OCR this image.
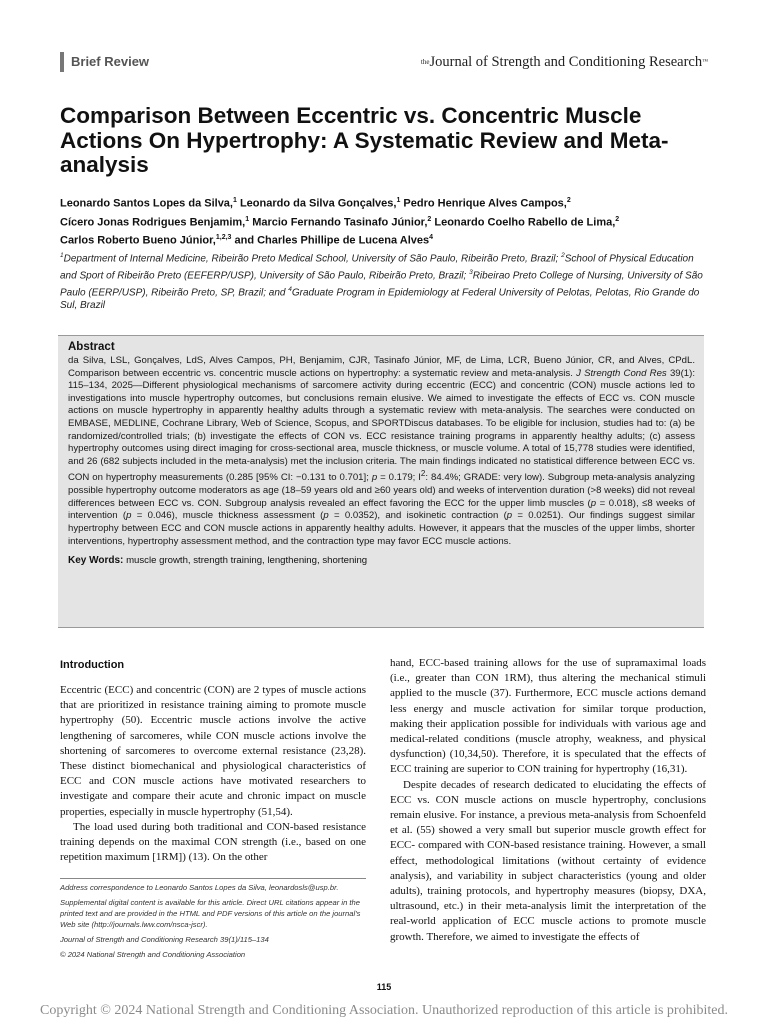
Brief Review	$^{the}$Journal of Strength and Conditioning Research™
Comparison Between Eccentric vs. Concentric Muscle Actions On Hypertrophy: A Systematic Review and Meta-analysis

Leonardo Santos Lopes da Silva,$^1$ Leonardo da Silva Gonçalves,$^1$ Pedro Henrique Alves Campos,$^2$
Cícero Jonas Rodrigues Benjamim,$^1$ Marcio Fernando Tasinafo Júnior,$^2$ Leonardo Coelho Rabello de Lima,$^2$
Carlos Roberto Bueno Júnior,$^{1,2,3}$ and Charles Phillipe de Lucena Alves$^4$

$^1$Department of Internal Medicine, Ribeirão Preto Medical School, University of São Paulo, Ribeirão Preto, Brazil; $^2$School of Physical Education and Sport of Ribeirão Preto (EEFERP/USP), University of São Paulo, Ribeirão Preto, Brazil; $^3$Ribeirao Preto College of Nursing, University of São Paulo (EERP/USP), Ribeirão Preto, SP, Brazil; and $^4$Graduate Program in Epidemiology at Federal University of Pelotas, Pelotas, Rio Grande do Sul, Brazil

Abstract

da Silva, LSL, Gonçalves, LdS, Alves Campos, PH, Benjamim, CJR, Tasinafo Júnior, MF, de Lima, LCR, Bueno Júnior, CR, and Alves, CPdL. Comparison between eccentric vs. concentric muscle actions on hypertrophy: a systematic review and meta-analysis. J Strength Cond Res 39(1): 115–134, 2025—Different physiological mechanisms of sarcomere activity during eccentric (ECC) and concentric (CON) muscle actions led to investigations into muscle hypertrophy outcomes, but conclusions remain elusive. We aimed to investigate the effects of ECC vs. CON muscle actions on muscle hypertrophy in apparently healthy adults through a systematic review with meta-analysis. The searches were conducted on EMBASE, MEDLINE, Cochrane Library, Web of Science, Scopus, and SPORTDiscus databases. To be eligible for inclusion, studies had to: (a) be randomized/controlled trials; (b) investigate the effects of CON vs. ECC resistance training programs in apparently healthy adults; (c) assess hypertrophy outcomes using direct imaging for cross-sectional area, muscle thickness, or muscle volume. A total of 15,778 studies were identified, and 26 (682 subjects included in the meta-analysis) met the inclusion criteria. The main findings indicated no statistical difference between ECC vs. CON on hypertrophy measurements (0.285 [95% CI: −0.131 to 0.701]; p = 0.179; $I^2$: 84.4%; GRADE: very low). Subgroup meta-analysis analyzing possible hypertrophy outcome moderators as age (18–59 years old and ≥60 years old) and weeks of intervention duration (>8 weeks) did not reveal differences between ECC vs. CON. Subgroup analysis revealed an effect favoring the ECC for the upper limb muscles (p = 0.018), ≤8 weeks of intervention (p = 0.046), muscle thickness assessment (p = 0.0352), and isokinetic contraction (p = 0.0251). Our findings suggest similar hypertrophy between ECC and CON muscle actions in apparently healthy adults. However, it appears that the muscles of the upper limbs, shorter interventions, hypertrophy assessment method, and the contraction type may favor ECC muscle actions.

Key Words: muscle growth, strength training, lengthening, shortening

Introduction

Eccentric (ECC) and concentric (CON) are 2 types of muscle actions that are prioritized in resistance training aiming to promote muscle hypertrophy (50). Eccentric muscle actions involve the active lengthening of sarcomeres, while CON muscle actions involve the shortening of sarcomeres to overcome external resistance (23,28). These distinct biomechanical and physiological characteristics of ECC and CON muscle actions have motivated researchers to investigate and compare their acute and chronic impact on muscle properties, especially in muscle hypertrophy (51,54).

The load used during both traditional and CON-based resistance training depends on the maximal CON strength (i.e., based on one repetition maximum [1RM]) (13). On the other

Address correspondence to Leonardo Santos Lopes da Silva, leonardosls@usp.br.

Supplemental digital content is available for this article. Direct URL citations appear in the printed text and are provided in the HTML and PDF versions of this article on the journal's Web site (http://journals.lww.com/nsca-jscr).

Journal of Strength and Conditioning Research 39(1)/115–134

© 2024 National Strength and Conditioning Association

hand, ECC-based training allows for the use of supramaximal loads (i.e., greater than CON 1RM), thus altering the mechanical stimuli applied to the muscle (37). Furthermore, ECC muscle actions demand less energy and muscle activation for similar torque production, making their application possible for individuals with various age and medical-related conditions (muscle atrophy, weakness, and physical dysfunction) (10,34,50). Therefore, it is speculated that the effects of ECC training are superior to CON training for hypertrophy (16,31).

Despite decades of research dedicated to elucidating the effects of ECC vs. CON muscle actions on muscle hypertrophy, conclusions remain elusive. For instance, a previous meta-analysis from Schoenfeld et al. (55) showed a very small but superior muscle growth effect for ECC- compared with CON-based resistance training. However, a small effect, methodological limitations (without certainty of evidence analysis), and variability in subject characteristics (young and older adults), training protocols, and hypertrophy measures (biopsy, DXA, ultrasound, etc.) in their meta-analysis limit the interpretation of the real-world application of ECC muscle actions to promote muscle growth. Therefore, we aimed to investigate the effects of

115
Copyright © 2024 National Strength and Conditioning Association. Unauthorized reproduction of this article is prohibited.
